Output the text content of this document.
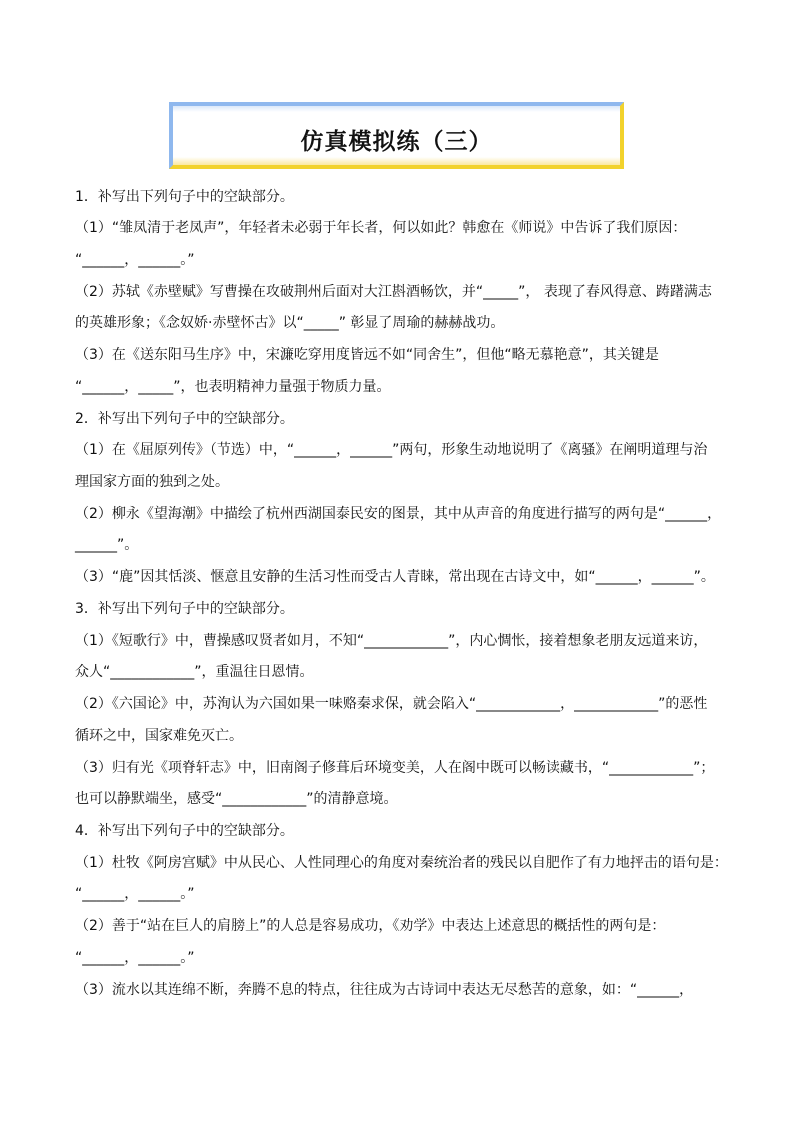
仿真模拟练（三）
1．补写出下列句子中的空缺部分。
（1）“雏凤清于老凤声”，年轻者未必弱于年长者，何以如此？韩愈在《师说》中告诉了我们原因：
“______，______。”
（2）苏轼《赤壁赋》写曹操在攻破荆州后面对大江斟酒畅饮，并“_____”， 表现了春风得意、踌躇满志
的英雄形象；《念奴娇·赤壁怀古》以“_____” 彰显了周瑜的赫赫战功。
（3）在《送东阳马生序》中，宋濂吃穿用度皆远不如“同舍生”，但他“略无慕艳意”，其关键是
“______，_____”，也表明精神力量强于物质力量。
2．补写出下列句子中的空缺部分。
（1）在《屈原列传》（节选）中，“______，______”两句，形象生动地说明了《离骚》在阐明道理与治
理国家方面的独到之处。
（2）柳永《望海潮》中描绘了杭州西湖国泰民安的图景，其中从声音的角度进行描写的两句是“______，
______”。
（3）“鹿”因其恬淡、惬意且安静的生活习性而受古人青睐，常出现在古诗文中，如“______，______”。
3．补写出下列句子中的空缺部分。
（1）《短歌行》中，曹操感叹贤者如月，不知“____________”，内心惆怅，接着想象老朋友远道来访，
众人“____________”，重温往日恩情。
（2）《六国论》中，苏洵认为六国如果一味赂秦求保，就会陷入“____________，____________”的恶性
循环之中，国家难免灭亡。
（3）归有光《项脊轩志》中，旧南阁子修葺后环境变美，人在阁中既可以畅读藏书，“____________”；
也可以静默端坐，感受“____________”的清静意境。
4．补写出下列句子中的空缺部分。
（1）杜牧《阿房宫赋》中从民心、人性同理心的角度对秦统治者的残民以自肥作了有力地抨击的语句是：
“______，______。”
（2）善于“站在巨人的肩膀上”的人总是容易成功，《劝学》中表达上述意思的概括性的两句是：
“______，______。”
（3）流水以其连绵不断，奔腾不息的特点，往往成为古诗词中表达无尽愁苦的意象，如：“______，
